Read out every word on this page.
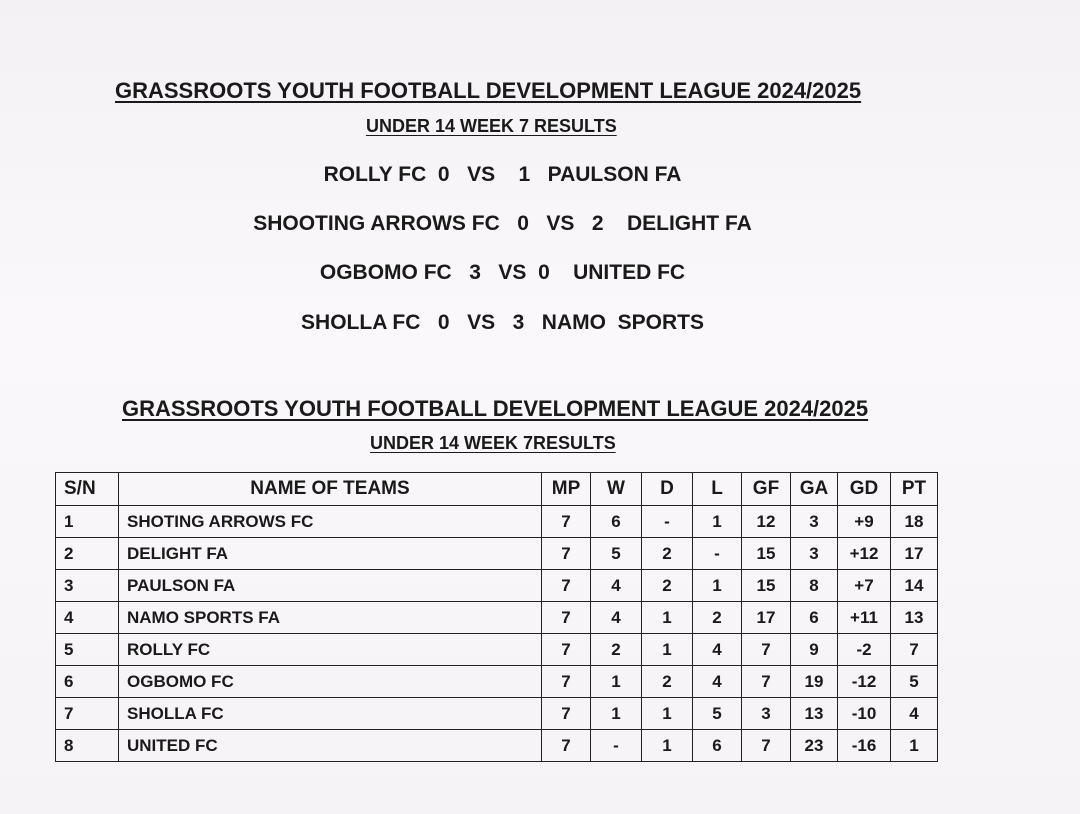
GRASSROOTS YOUTH FOOTBALL DEVELOPMENT LEAGUE 2024/2025
UNDER 14 WEEK 7 RESULTS
ROLLY FC  0   VS    1   PAULSON FA
SHOOTING ARROWS FC   0   VS   2    DELIGHT FA
OGBOMO FC   3   VS  0    UNITED FC
SHOLLA FC   0   VS   3   NAMO  SPORTS
GRASSROOTS YOUTH FOOTBALL DEVELOPMENT LEAGUE 2024/2025
UNDER 14 WEEK 7RESULTS
S/N	NAME OF TEAMS	MP	W	D	L	GF	GA	GD	PT
1	SHOTING ARROWS FC	7	6	-	1	12	3	+9	18
2	DELIGHT FA	7	5	2	-	15	3	+12	17
3	PAULSON FA	7	4	2	1	15	8	+7	14
4	NAMO SPORTS FA	7	4	1	2	17	6	+11	13
5	ROLLY FC	7	2	1	4	7	9	-2	7
6	OGBOMO FC	7	1	2	4	7	19	-12	5
7	SHOLLA FC	7	1	1	5	3	13	-10	4
8	UNITED FC	7	-	1	6	7	23	-16	1
